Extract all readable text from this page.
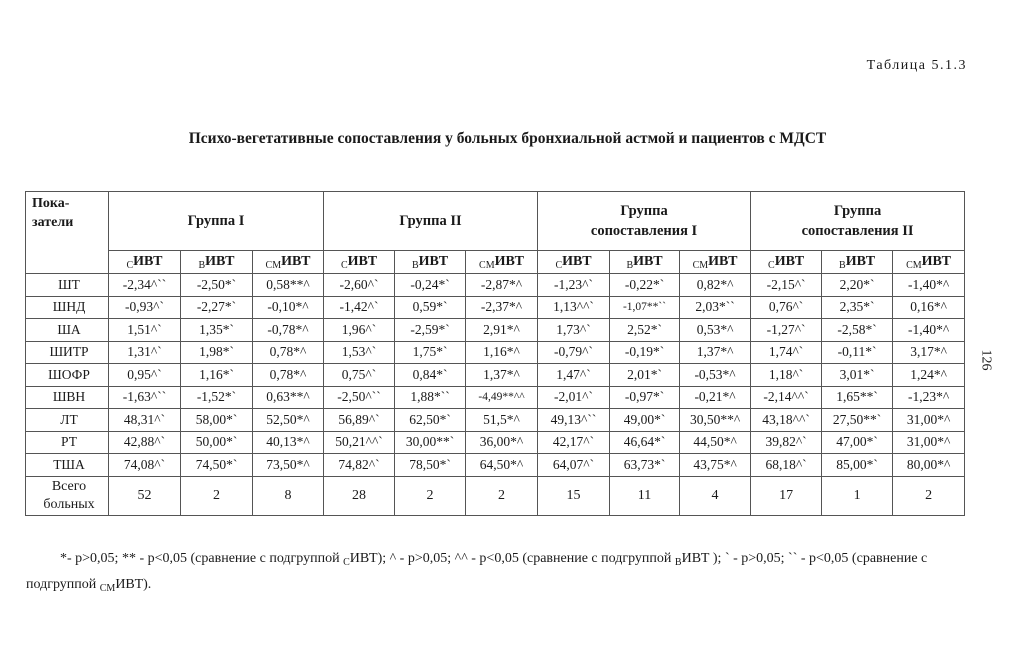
Таблица 5.1.3
Психо-вегетативные сопоставления у больных бронхиальной астмой и пациентов с МДСТ
126
Пока-
затели	Группа I			Группа II			Группа
сопоставления I			Группа
сопоставления II		
	$_С$ИВТ	$_В$ИВТ	$_{СМ}$ИВТ	$_С$ИВТ	$_В$ИВТ	$_{СМ}$ИВТ	$_С$ИВТ	$_В$ИВТ	$_{СМ}$ИВТ	$_С$ИВТ	$_В$ИВТ	$_{СМ}$ИВТ
ШТ	-2,34^``	-2,50*`	0,58**^	-2,60^`	-0,24*`	-2,87*^	-1,23^`	-0,22*`	0,82*^	-2,15^`	2,20*`	-1,40*^
ШНД	-0,93^`	-2,27*`	-0,10*^	-1,42^`	0,59*`	-2,37*^	1,13^^`	-1,07**``	2,03*``	0,76^`	2,35*`	0,16*^
ША	1,51^`	1,35*`	-0,78*^	1,96^`	-2,59*`	2,91*^	1,73^`	2,52*`	0,53*^	-1,27^`	-2,58*`	-1,40*^
ШИТР	1,31^`	1,98*`	0,78*^	1,53^`	1,75*`	1,16*^	-0,79^`	-0,19*`	1,37*^	1,74^`	-0,11*`	3,17*^
ШОФР	0,95^`	1,16*`	0,78*^	0,75^`	0,84*`	1,37*^	1,47^`	2,01*`	-0,53*^	1,18^`	3,01*`	1,24*^
ШВН	-1,63^``	-1,52*`	0,63**^	-2,50^``	1,88*``	-4,49**^^	-2,01^`	-0,97*`	-0,21*^	-2,14^^`	1,65**`	-1,23*^
ЛТ	48,31^`	58,00*`	52,50*^	56,89^`	62,50*`	51,5*^	49,13^``	49,00*`	30,50**^	43,18^^`	27,50**`	31,00*^
РТ	42,88^`	50,00*`	40,13*^	50,21^^`	30,00**`	36,00*^	42,17^`	46,64*`	44,50*^	39,82^`	47,00*`	31,00*^
ТША	74,08^`	74,50*`	73,50*^	74,82^`	78,50*`	64,50*^	64,07^`	63,73*`	43,75*^	68,18^`	85,00*`	80,00*^
Всего
больных	52	2	8	28	2	2	15	11	4	17	1	2
*- p>0,05; ** - p<0,05 (сравнение с подгруппой $_С$ИВТ); ^ - p>0,05; ^^ - p<0,05 (сравнение с подгруппой $_В$ИВТ ); ` - p>0,05; `` - p<0,05 (сравнение с подгруппой $_{СМ}$ИВТ).
